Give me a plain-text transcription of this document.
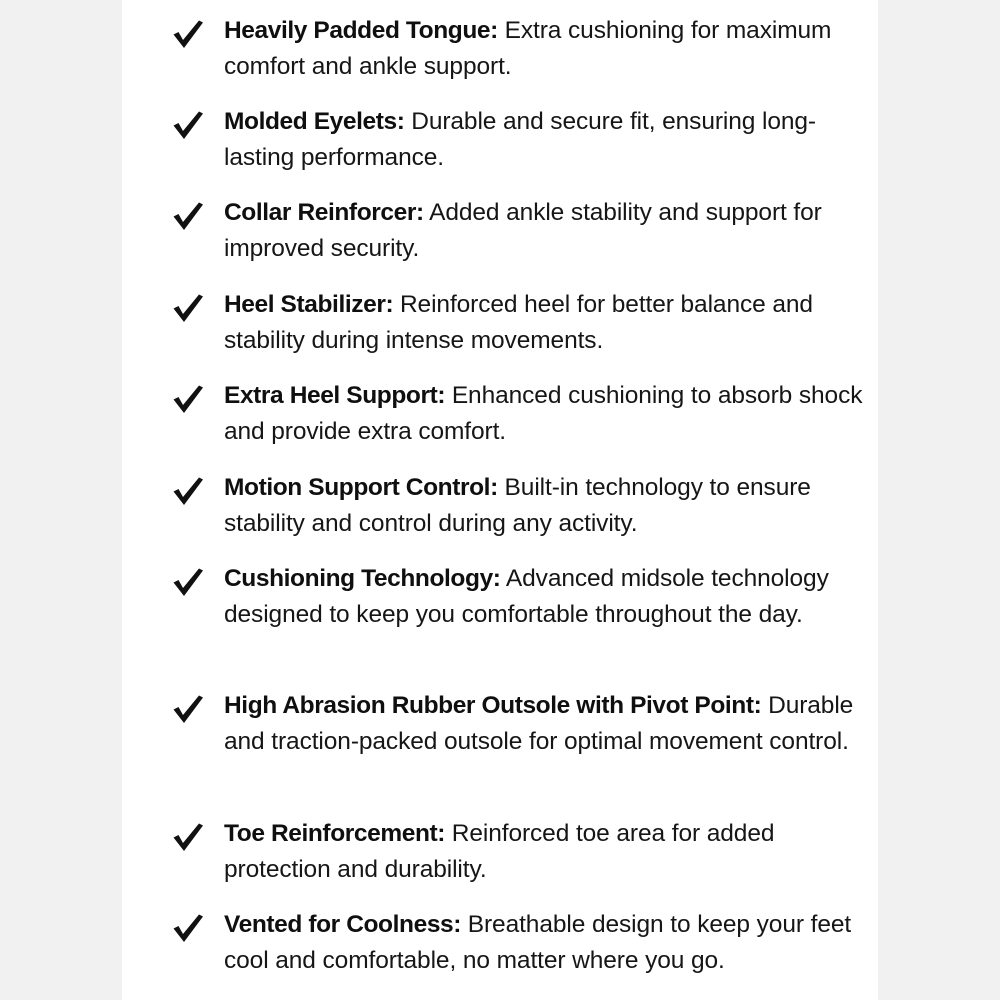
Heavily Padded Tongue: Extra cushioning for maximum comfort and ankle support.
Molded Eyelets: Durable and secure fit, ensuring long-lasting performance.
Collar Reinforcer: Added ankle stability and support for improved security.
Heel Stabilizer: Reinforced heel for better balance and stability during intense movements.
Extra Heel Support: Enhanced cushioning to absorb shock and provide extra comfort.
Motion Support Control: Built-in technology to ensure stability and control during any activity.
Cushioning Technology: Advanced midsole technology designed to keep you comfortable throughout the day.
High Abrasion Rubber Outsole with Pivot Point: Durable and traction-packed outsole for optimal movement control.
Toe Reinforcement: Reinforced toe area for added protection and durability.
Vented for Coolness: Breathable design to keep your feet cool and comfortable, no matter where you go.
